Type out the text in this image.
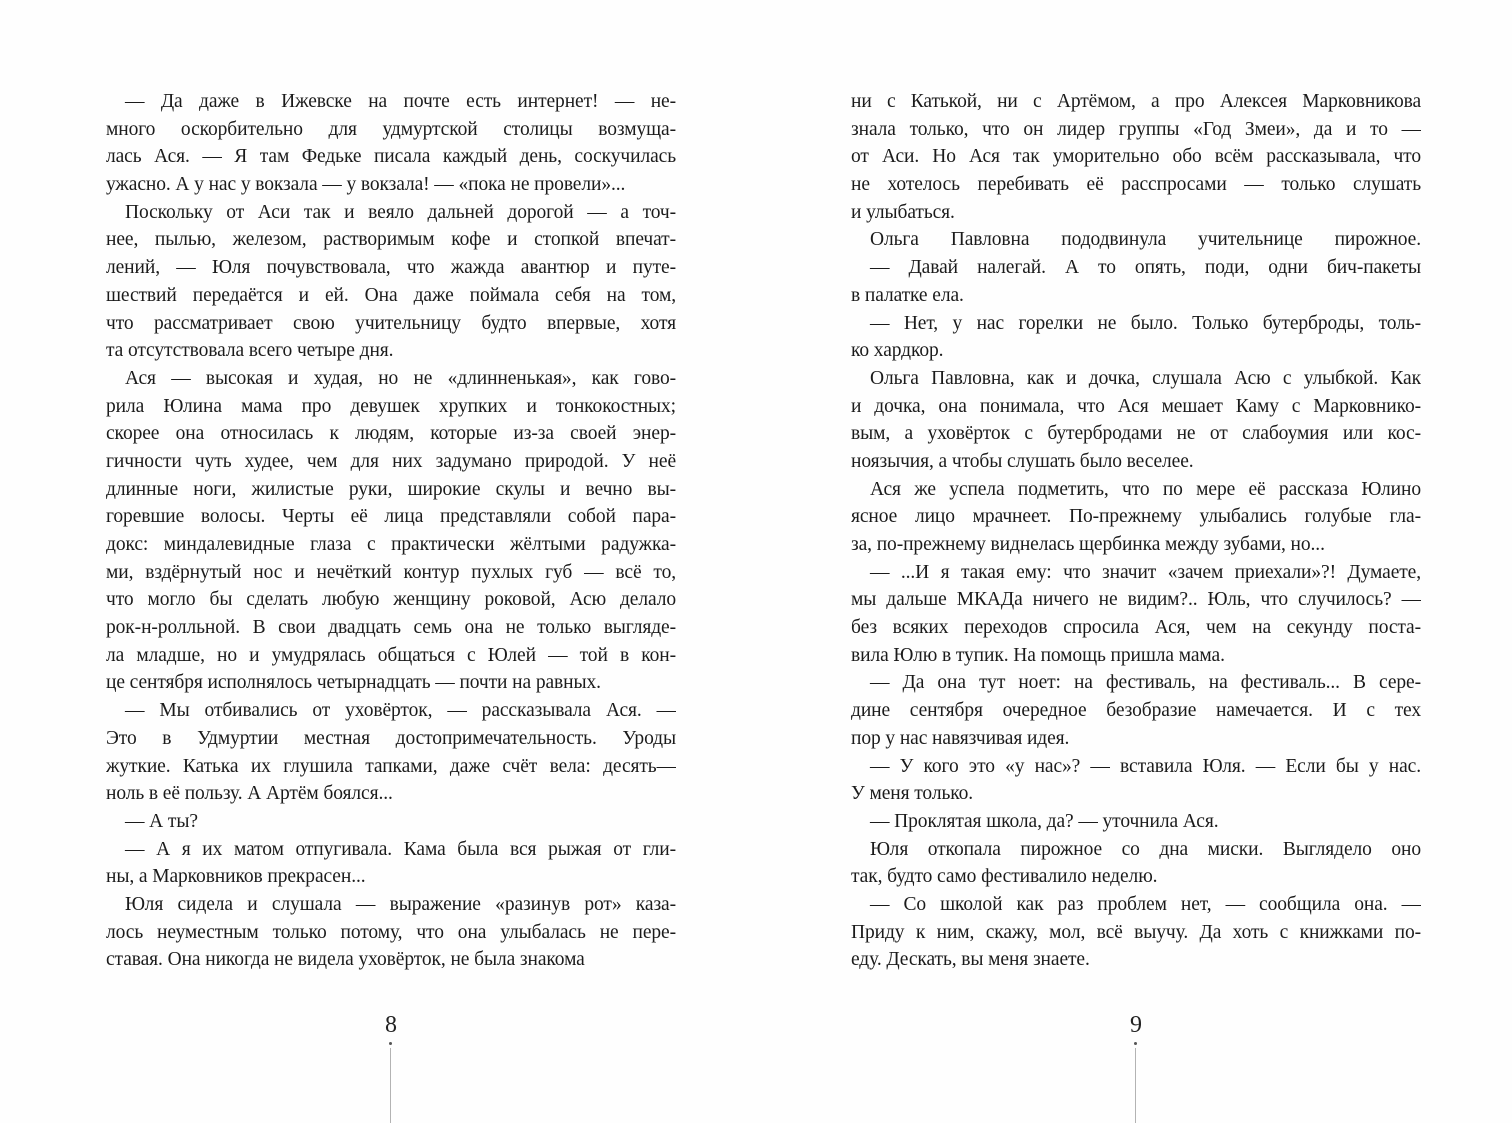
— Да даже в Ижевске на почте есть интернет! — не-
много оскорбительно для удмуртской столицы возмуща-
лась Ася. — Я там Федьке писала каждый день, соскучилась
ужасно. А у нас у вокзала — у вокзала! — «пока не провели»...
Поскольку от Аси так и веяло дальней дорогой — а точ-
нее, пылью, железом, растворимым кофе и стопкой впечат-
лений, — Юля почувствовала, что жажда авантюр и путе-
шествий передаётся и ей. Она даже поймала себя на том,
что рассматривает свою учительницу будто впервые, хотя
та отсутствовала всего четыре дня.
Ася — высокая и худая, но не «длинненькая», как гово-
рила Юлина мама про девушек хрупких и тонкокостных;
скорее она относилась к людям, которые из-за своей энер-
гичности чуть худее, чем для них задумано природой. У неё
длинные ноги, жилистые руки, широкие скулы и вечно вы-
горевшие волосы. Черты её лица представляли собой пара-
докс: миндалевидные глаза с практически жёлтыми радужка-
ми, вздёрнутый нос и нечёткий контур пухлых губ — всё то,
что могло бы сделать любую женщину роковой, Асю делало
рок-н-ролльной. В свои двадцать семь она не только выгляде-
ла младше, но и умудрялась общаться с Юлей — той в кон-
це сентября исполнялось четырнадцать — почти на равных.
— Мы отбивались от уховёрток, — рассказывала Ася. —
Это в Удмуртии местная достопримечательность. Уроды
жуткие. Катька их глушила тапками, даже счёт вела: десять—
ноль в её пользу. А Артём боялся...
— А ты?
— А я их матом отпугивала. Кама была вся рыжая от гли-
ны, а Марковников прекрасен...
Юля сидела и слушала — выражение «разинув рот» каза-
лось неуместным только потому, что она улыбалась не пере-
ставая. Она никогда не видела уховёрток, не была знакома
8
ни с Катькой, ни с Артёмом, а про Алексея Марковникова
знала только, что он лидер группы «Год Змеи», да и то —
от Аси. Но Ася так уморительно обо всём рассказывала, что
не хотелось перебивать её расспросами — только слушать
и улыбаться.
Ольга Павловна пододвинула учительнице пирожное.
— Давай налегай. А то опять, поди, одни бич-пакеты
в палатке ела.
— Нет, у нас горелки не было. Только бутерброды, толь-
ко хардкор.
Ольга Павловна, как и дочка, слушала Асю с улыбкой. Как
и дочка, она понимала, что Ася мешает Каму с Марковнико-
вым, а уховёрток с бутербродами не от слабоумия или кос-
ноязычия, а чтобы слушать было веселее.
Ася же успела подметить, что по мере её рассказа Юлино
ясное лицо мрачнеет. По-прежнему улыбались голубые гла-
за, по-прежнему виднелась щербинка между зубами, но...
— ...И я такая ему: что значит «зачем приехали»?! Думаете,
мы дальше МКАДа ничего не видим?.. Юль, что случилось? —
без всяких переходов спросила Ася, чем на секунду поста-
вила Юлю в тупик. На помощь пришла мама.
— Да она тут ноет: на фестиваль, на фестиваль... В сере-
дине сентября очередное безобразие намечается. И с тех
пор у нас навязчивая идея.
— У кого это «у нас»? — вставила Юля. — Если бы у нас.
У меня только.
— Проклятая школа, да? — уточнила Ася.
Юля откопала пирожное со дна миски. Выглядело оно
так, будто само фестивалило неделю.
— Со школой как раз проблем нет, — сообщила она. —
Приду к ним, скажу, мол, всё выучу. Да хоть с книжками по-
еду. Дескать, вы меня знаете.
9
